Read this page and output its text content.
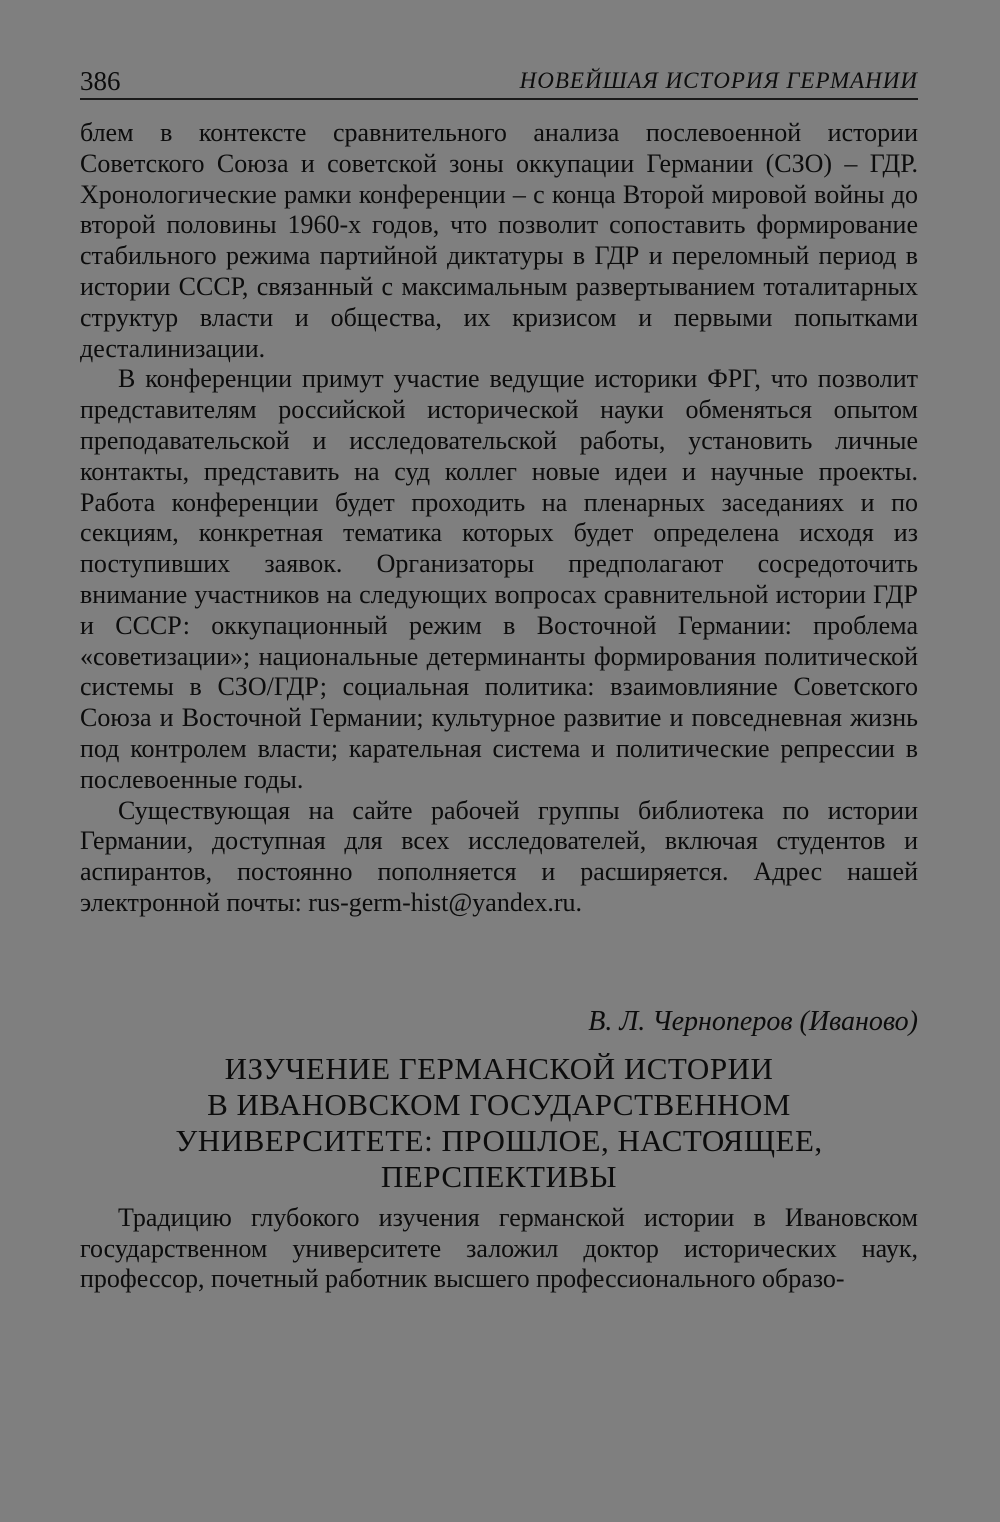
386	НОВЕЙШАЯ ИСТОРИЯ ГЕРМАНИИ

блем в контексте сравнительного анализа послевоенной истории Советского Союза и советской зоны оккупации Германии (СЗО) – ГДР. Хронологические рамки конференции – с конца Второй мировой войны до второй половины 1960-х годов, что позволит сопоставить формирование стабильного режима партийной диктатуры в ГДР и переломный период в истории СССР, связанный с максимальным развертыванием тоталитарных структур власти и общества, их кризисом и первыми попытками десталинизации.

В конференции примут участие ведущие историки ФРГ, что позволит представителям российской исторической науки обменяться опытом преподавательской и исследовательской работы, установить личные контакты, представить на суд коллег новые идеи и научные проекты. Работа конференции будет проходить на пленарных заседаниях и по секциям, конкретная тематика которых будет определена исходя из поступивших заявок. Организаторы предполагают сосредоточить внимание участников на следующих вопросах сравнительной истории ГДР и СССР: оккупационный режим в Восточной Германии: проблема «советизации»; национальные детерминанты формирования политической системы в СЗО/ГДР; социальная политика: взаимовлияние Советского Союза и Восточной Германии; культурное развитие и повседневная жизнь под контролем власти; карательная система и политические репрессии в послевоенные годы.

Существующая на сайте рабочей группы библиотека по истории Германии, доступная для всех исследователей, включая студентов и аспирантов, постоянно пополняется и расширяется. Адрес нашей электронной почты: rus-germ-hist@yandex.ru.

В. Л. Черноперов (Иваново)
ИЗУЧЕНИЕ ГЕРМАНСКОЙ ИСТОРИИ
В ИВАНОВСКОМ ГОСУДАРСТВЕННОМ
УНИВЕРСИТЕТЕ: ПРОШЛОЕ, НАСТОЯЩЕЕ,
ПЕРСПЕКТИВЫ

Традицию глубокого изучения германской истории в Ивановском государственном университете заложил доктор исторических наук, профессор, почетный работник высшего профессионального образо-
